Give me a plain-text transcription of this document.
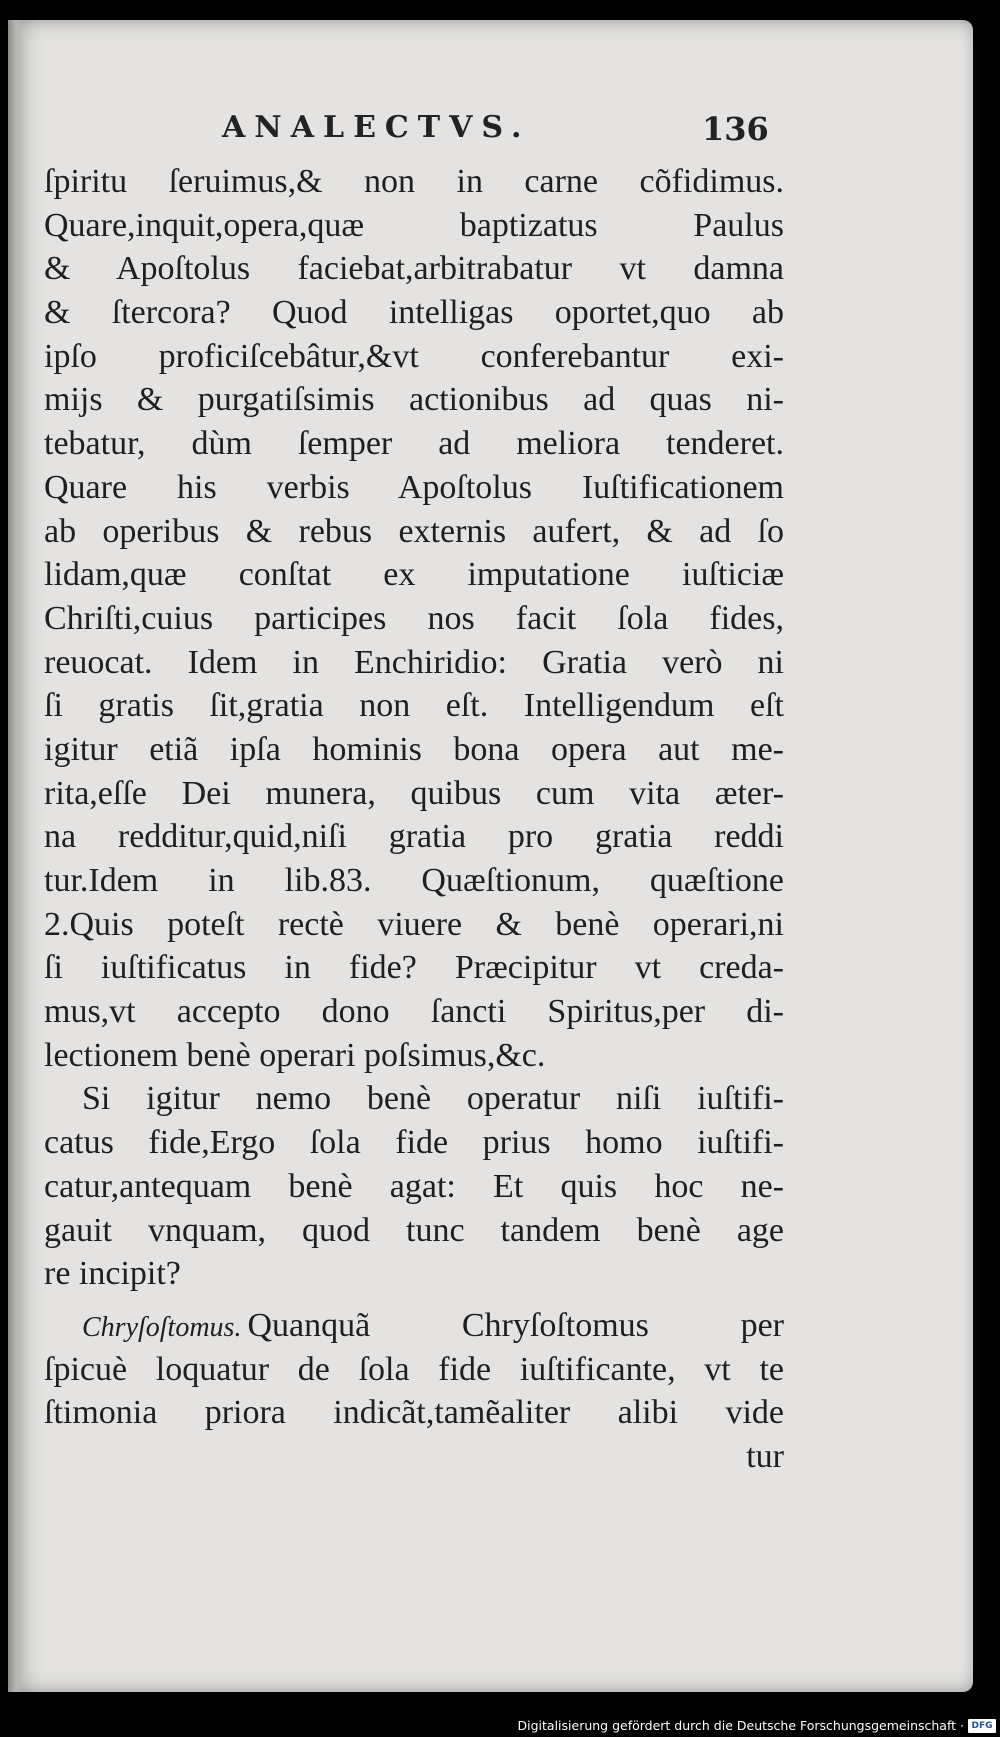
ANALECTVS.	136
ſpiritu ſeruimus,& non in carne cõfidimus.
Quare,inquit,opera,quæ baptizatus Paulus
& Apoſtolus faciebat,arbitrabatur vt damna
& ſtercora? Quod intelligas oportet,quo ab
ipſo proficiſcebâtur,&vt conferebantur exi-
mijs & purgatiſsimis actionibus ad quas ni-
tebatur, dùm ſemper ad meliora tenderet.
Quare his verbis Apoſtolus Iuſtificationem
ab operibus & rebus externis aufert, & ad ſo
lidam,quæ conſtat ex imputatione iuſticiæ
Chriſti,cuius participes nos facit ſola fides,
reuocat. Idem in Enchiridio: Gratia verò ni
ſi gratis ſit,gratia non eſt. Intelligendum eſt
igitur etiã ipſa hominis bona opera aut me-
rita,eſſe Dei munera, quibus cum vita æter-
na redditur,quid,niſi gratia pro gratia reddi
tur.Idem in lib.83. Quæſtionum, quæſtione
2.Quis poteſt rectè viuere & benè operari,ni
ſi iuſtificatus in fide? Præcipitur vt creda-
mus,vt accepto dono ſancti Spiritus,per di-
lectionem benè operari poſsimus,&c.
Si igitur nemo benè operatur niſi iuſtifi-
catus fide,Ergo ſola fide prius homo iuſtifi-
catur,antequam benè agat: Et quis hoc ne-
gauit vnquam, quod tunc tandem benè age
re incipit?
Chryſoſtomus. Quanquã Chryſoſtomus per
ſpicuè loquatur de ſola fide iuſtificante, vt te
ſtimonia priora indicãt,tamẽaliter alibi vide
tur
Digitalisierung gefördert durch die Deutsche Forschungsgemeinschaft · DFG
